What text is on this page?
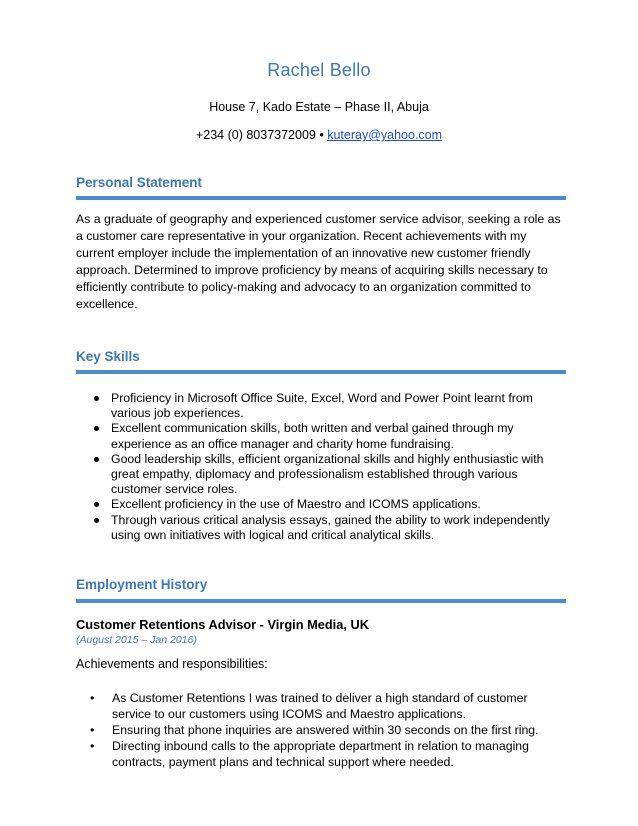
Rachel Bello
House 7, Kado Estate – Phase II, Abuja
+234 (0) 8037372009 • kuteray@yahoo.com
Personal Statement
As a graduate of geography and experienced customer service advisor, seeking a role as a customer care representative in your organization. Recent achievements with my current employer include the implementation of an innovative new customer friendly approach. Determined to improve proficiency by means of acquiring skills necessary to efficiently contribute to policy-making and advocacy to an organization committed to excellence.
Key Skills
Proficiency in Microsoft Office Suite, Excel, Word and Power Point learnt from various job experiences.
Excellent communication skills, both written and verbal gained through my experience as an office manager and charity home fundraising.
Good leadership skills, efficient organizational skills and highly enthusiastic with great empathy, diplomacy and professionalism established through various customer service roles.
Excellent proficiency in the use of Maestro and ICOMS applications.
Through various critical analysis essays, gained the ability to work independently using own initiatives with logical and critical analytical skills.
Employment History
Customer Retentions Advisor - Virgin Media, UK
(August 2015 – Jan 2016)
Achievements and responsibilities:
• As Customer Retentions I was trained to deliver a high standard of customer service to our customers using ICOMS and Maestro applications.
• Ensuring that phone inquiries are answered within 30 seconds on the first ring.
• Directing inbound calls to the appropriate department in relation to managing contracts, payment plans and technical support where needed.
